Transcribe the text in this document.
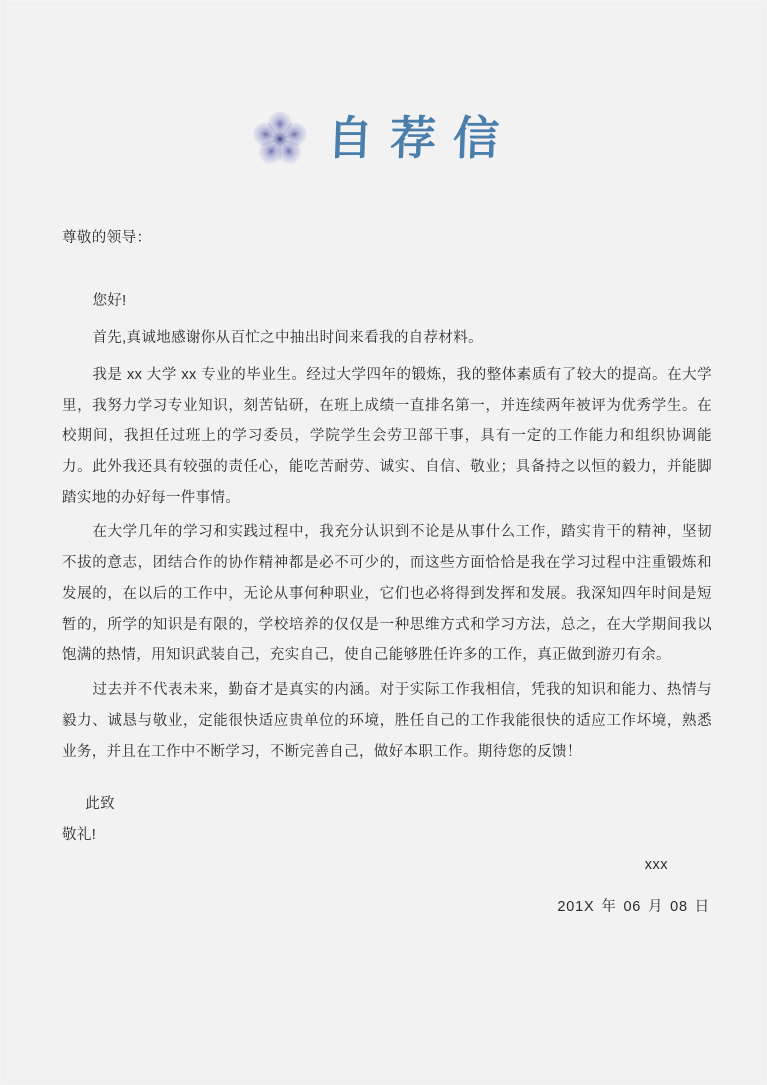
自荐信

尊敬的领导：

您好!

首先,真诚地感谢你从百忙之中抽出时间来看我的自荐材料。

我是 xx 大学 xx 专业的毕业生。经过大学四年的锻炼，我的整体素质有了较大的提高。在大学里，我努力学习专业知识，刻苦钻研，在班上成绩一直排名第一，并连续两年被评为优秀学生。在校期间，我担任过班上的学习委员，学院学生会劳卫部干事，具有一定的工作能力和组织协调能力。此外我还具有较强的责任心，能吃苦耐劳、诚实、自信、敬业；具备持之以恒的毅力，并能脚踏实地的办好每一件事情。

在大学几年的学习和实践过程中，我充分认识到不论是从事什么工作，踏实肯干的精神，坚韧不拔的意志，团结合作的协作精神都是必不可少的，而这些方面恰恰是我在学习过程中注重锻炼和发展的，在以后的工作中，无论从事何种职业，它们也必将得到发挥和发展。我深知四年时间是短暂的，所学的知识是有限的，学校培养的仅仅是一种思维方式和学习方法，总之，在大学期间我以饱满的热情，用知识武装自己，充实自己，使自己能够胜任许多的工作，真正做到游刃有余。

过去并不代表未来，勤奋才是真实的内涵。对于实际工作我相信，凭我的知识和能力、热情与毅力、诚恳与敬业，定能很快适应贵单位的环境，胜任自己的工作我能很快的适应工作坏境，熟悉业务，并且在工作中不断学习，不断完善自己，做好本职工作。期待您的反馈！

此致

敬礼!

xxx

201X 年 06 月 08 日
